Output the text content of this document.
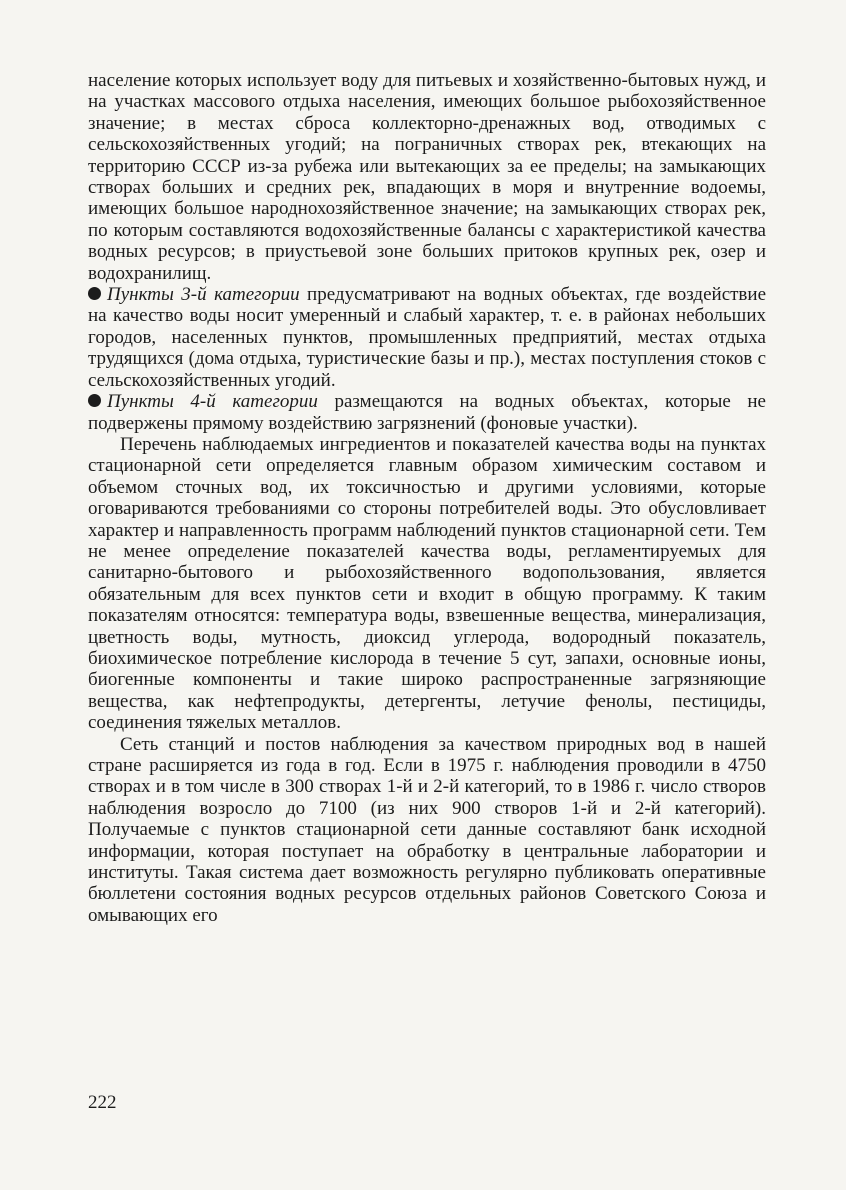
население которых использует воду для питьевых и хозяйственно-бытовых нужд, и на участках массового отдыха населения, имеющих большое рыбохозяйственное значение; в местах сброса коллекторно-дренажных вод, отводимых с сельскохозяйственных угодий; на пограничных створах рек, втекающих на территорию СССР из-за рубежа или вытекающих за ее пределы; на замыкающих створах больших и средних рек, впадающих в моря и внутренние водоемы, имеющих большое народнохозяйственное значение; на замыкающих створах рек, по которым составляются водохозяйственные балансы с характеристикой качества водных ресурсов; в приустьевой зоне больших притоков крупных рек, озер и водохранилищ.

Пункты 3-й категории предусматривают на водных объектах, где воздействие на качество воды носит умеренный и слабый характер, т. е. в районах небольших городов, населенных пунктов, промышленных предприятий, местах отдыха трудящихся (дома отдыха, туристические базы и пр.), местах поступления стоков с сельскохозяйственных угодий.

Пункты 4-й категории размещаются на водных объектах, которые не подвержены прямому воздействию загрязнений (фоновые участки).

Перечень наблюдаемых ингредиентов и показателей качества воды на пунктах стационарной сети определяется главным образом химическим составом и объемом сточных вод, их токсичностью и другими условиями, которые оговариваются требованиями со стороны потребителей воды. Это обусловливает характер и направленность программ наблюдений пунктов стационарной сети. Тем не менее определение показателей качества воды, регламентируемых для санитарно-бытового и рыбохозяйственного водопользования, является обязательным для всех пунктов сети и входит в общую программу. К таким показателям относятся: температура воды, взвешенные вещества, минерализация, цветность воды, мутность, диоксид углерода, водородный показатель, биохимическое потребление кислорода в течение 5 сут, запахи, основные ионы, биогенные компоненты и такие широко распространенные загрязняющие вещества, как нефтепродукты, детергенты, летучие фенолы, пестициды, соединения тяжелых металлов.

Сеть станций и постов наблюдения за качеством природных вод в нашей стране расширяется из года в год. Если в 1975 г. наблюдения проводили в 4750 створах и в том числе в 300 створах 1-й и 2-й категорий, то в 1986 г. число створов наблюдения возросло до 7100 (из них 900 створов 1-й и 2-й категорий). Получаемые с пунктов стационарной сети данные составляют банк исходной информации, которая поступает на обработку в центральные лаборатории и институты. Такая система дает возможность регулярно публиковать оперативные бюллетени состояния водных ресурсов отдельных районов Советского Союза и омывающих его

222
